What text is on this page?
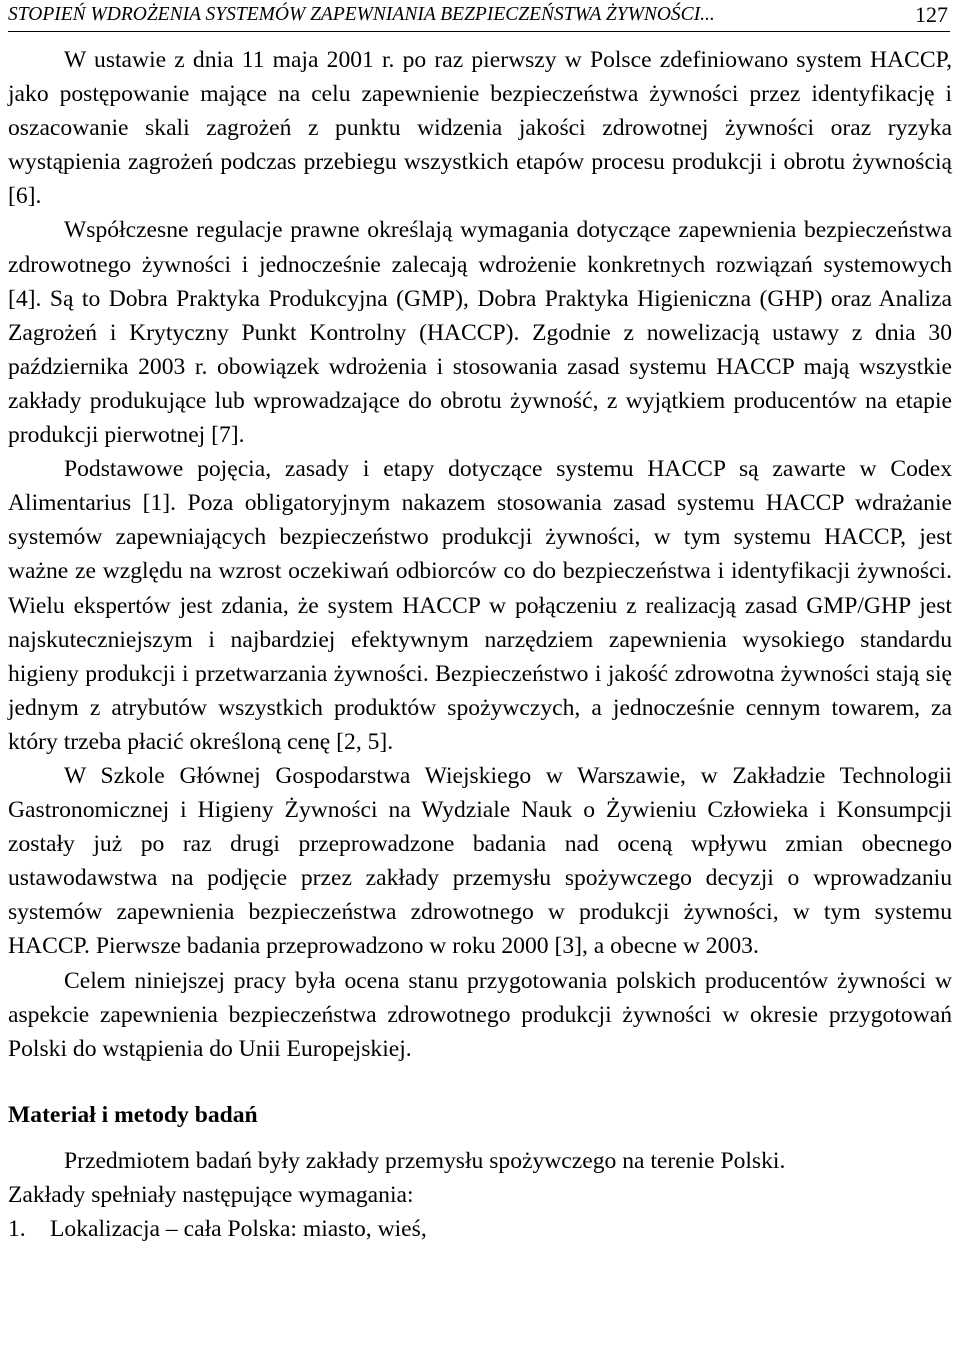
STOPIEŃ WDROŻENIA SYSTEMÓW ZAPEWNIANIA BEZPIECZEŃSTWA ŻYWNOŚCI...	127

W ustawie z dnia 11 maja 2001 r. po raz pierwszy w Polsce zdefiniowano system HACCP, jako postępowanie mające na celu zapewnienie bezpieczeństwa żywności przez identyfikację i oszacowanie skali zagrożeń z punktu widzenia jakości zdrowotnej żywności oraz ryzyka wystąpienia zagrożeń podczas przebiegu wszystkich etapów procesu produkcji i obrotu żywnością [6].

Współczesne regulacje prawne określają wymagania dotyczące zapewnienia bezpieczeństwa zdrowotnego żywności i jednocześnie zalecają wdrożenie konkretnych rozwiązań systemowych [4]. Są to Dobra Praktyka Produkcyjna (GMP), Dobra Praktyka Higieniczna (GHP) oraz Analiza Zagrożeń i Krytyczny Punkt Kontrolny (HACCP). Zgodnie z nowelizacją ustawy z dnia 30 października 2003 r. obowiązek wdrożenia i stosowania zasad systemu HACCP mają wszystkie zakłady produkujące lub wprowadzające do obrotu żywność, z wyjątkiem producentów na etapie produkcji pierwotnej [7].

Podstawowe pojęcia, zasady i etapy dotyczące systemu HACCP są zawarte w Codex Alimentarius [1]. Poza obligatoryjnym nakazem stosowania zasad systemu HACCP wdrażanie systemów zapewniających bezpieczeństwo produkcji żywności, w tym systemu HACCP, jest ważne ze względu na wzrost oczekiwań odbiorców co do bezpieczeństwa i identyfikacji żywności. Wielu ekspertów jest zdania, że system HACCP w połączeniu z realizacją zasad GMP/GHP jest najskuteczniejszym i najbardziej efektywnym narzędziem zapewnienia wysokiego standardu higieny produkcji i przetwarzania żywności. Bezpieczeństwo i jakość zdrowotna żywności stają się jednym z atrybutów wszystkich produktów spożywczych, a jednocześnie cennym towarem, za który trzeba płacić określoną cenę [2, 5].

W Szkole Głównej Gospodarstwa Wiejskiego w Warszawie, w Zakładzie Technologii Gastronomicznej i Higieny Żywności na Wydziale Nauk o Żywieniu Człowieka i Konsumpcji zostały już po raz drugi przeprowadzone badania nad oceną wpływu zmian obecnego ustawodawstwa na podjęcie przez zakłady przemysłu spożywczego decyzji o wprowadzaniu systemów zapewnienia bezpieczeństwa zdrowotnego w produkcji żywności, w tym systemu HACCP. Pierwsze badania przeprowadzono w roku 2000 [3], a obecne w 2003.

Celem niniejszej pracy była ocena stanu przygotowania polskich producentów żywności w aspekcie zapewnienia bezpieczeństwa zdrowotnego produkcji żywności w okresie przygotowań Polski do wstąpienia do Unii Europejskiej.

Materiał i metody badań

Przedmiotem badań były zakłady przemysłu spożywczego na terenie Polski.

Zakłady spełniały następujące wymagania:

1.	Lokalizacja – cała Polska: miasto, wieś,
